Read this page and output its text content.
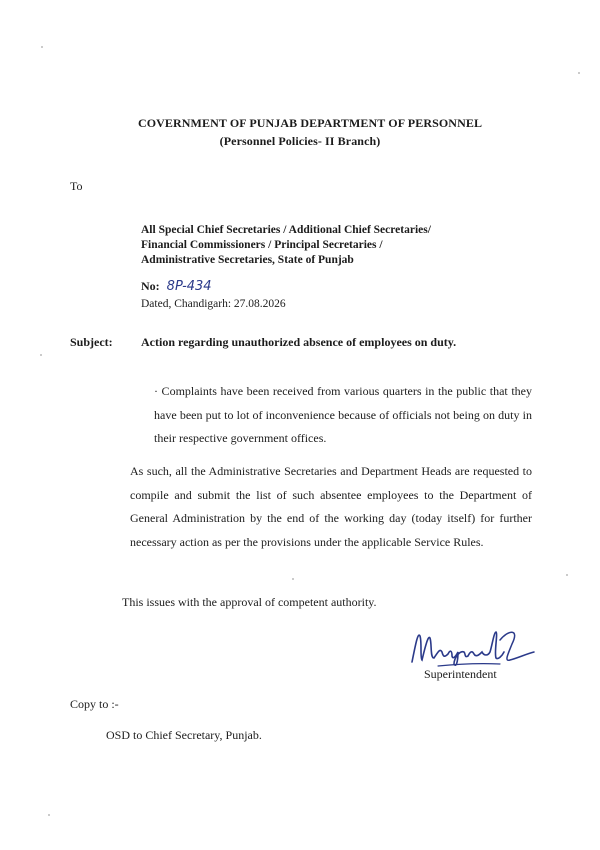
COVERNMENT OF PUNJAB DEPARTMENT OF PERSONNEL
(Personnel Policies- II Branch)
To
All Special Chief Secretaries / Additional Chief Secretaries/
Financial Commissioners / Principal Secretaries /
Administrative Secretaries, State of Punjab
No: 8P-434
Dated, Chandigarh: 27.08.2026
Subject: Action regarding unauthorized absence of employees on duty.

· Complaints have been received from various quarters in the public that they have been put to lot of inconvenience because of officials not being on duty in their respective government offices.

As such, all the Administrative Secretaries and Department Heads are requested to compile and submit the list of such absentee employees to the Department of General Administration by the end of the working day (today itself) for further necessary action as per the provisions under the applicable Service Rules.

This issues with the approval of competent authority.
Superintendent
Copy to :-
OSD to Chief Secretary, Punjab.
